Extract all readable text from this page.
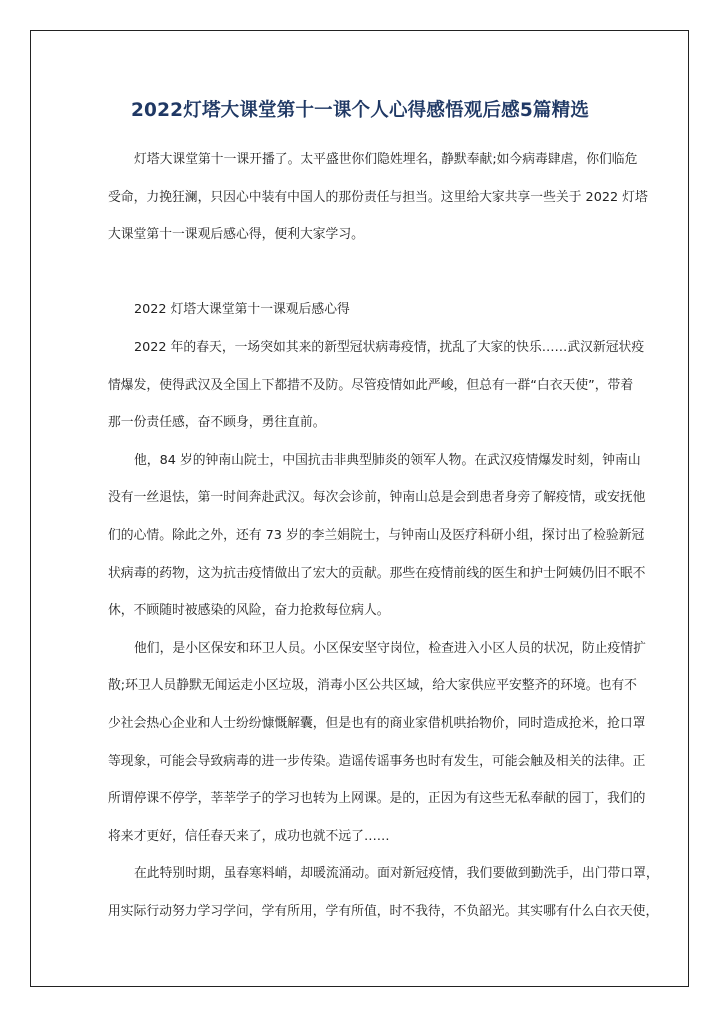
2022灯塔大课堂第十一课个人心得感悟观后感5篇精选
灯塔大课堂第十一课开播了。太平盛世你们隐姓埋名，静默奉献;如今病毒肆虐，你们临危
受命，力挽狂澜，只因心中装有中国人的那份责任与担当。这里给大家共享一些关于 2022 灯塔
大课堂第十一课观后感心得，便利大家学习。
2022 灯塔大课堂第十一课观后感心得
2022 年的春天，一场突如其来的新型冠状病毒疫情，扰乱了大家的快乐……武汉新冠状疫
情爆发，使得武汉及全国上下都措不及防。尽管疫情如此严峻，但总有一群“白衣天使”，带着
那一份责任感，奋不顾身，勇往直前。
他，84 岁的钟南山院士，中国抗击非典型肺炎的领军人物。在武汉疫情爆发时刻，钟南山
没有一丝退怯，第一时间奔赴武汉。每次会诊前，钟南山总是会到患者身旁了解疫情，或安抚他
们的心情。除此之外，还有 73 岁的李兰娟院士，与钟南山及医疗科研小组，探讨出了检验新冠
状病毒的药物，这为抗击疫情做出了宏大的贡献。那些在疫情前线的医生和护士阿姨仍旧不眠不
休，不顾随时被感染的风险，奋力抢救每位病人。
他们，是小区保安和环卫人员。小区保安坚守岗位，检查进入小区人员的状况，防止疫情扩
散;环卫人员静默无闻运走小区垃圾，消毒小区公共区域，给大家供应平安整齐的环境。也有不
少社会热心企业和人士纷纷慷慨解囊，但是也有的商业家借机哄抬物价，同时造成抢米，抢口罩
等现象，可能会导致病毒的进一步传染。造谣传谣事务也时有发生，可能会触及相关的法律。正
所谓停课不停学，莘莘学子的学习也转为上网课。是的，正因为有这些无私奉献的园丁，我们的
将来才更好，信任春天来了，成功也就不远了……
在此特别时期，虽春寒料峭，却暖流涌动。面对新冠疫情，我们要做到勤洗手，出门带口罩，
用实际行动努力学习学问，学有所用，学有所值，时不我待，不负韶光。其实哪有什么白衣天使，
